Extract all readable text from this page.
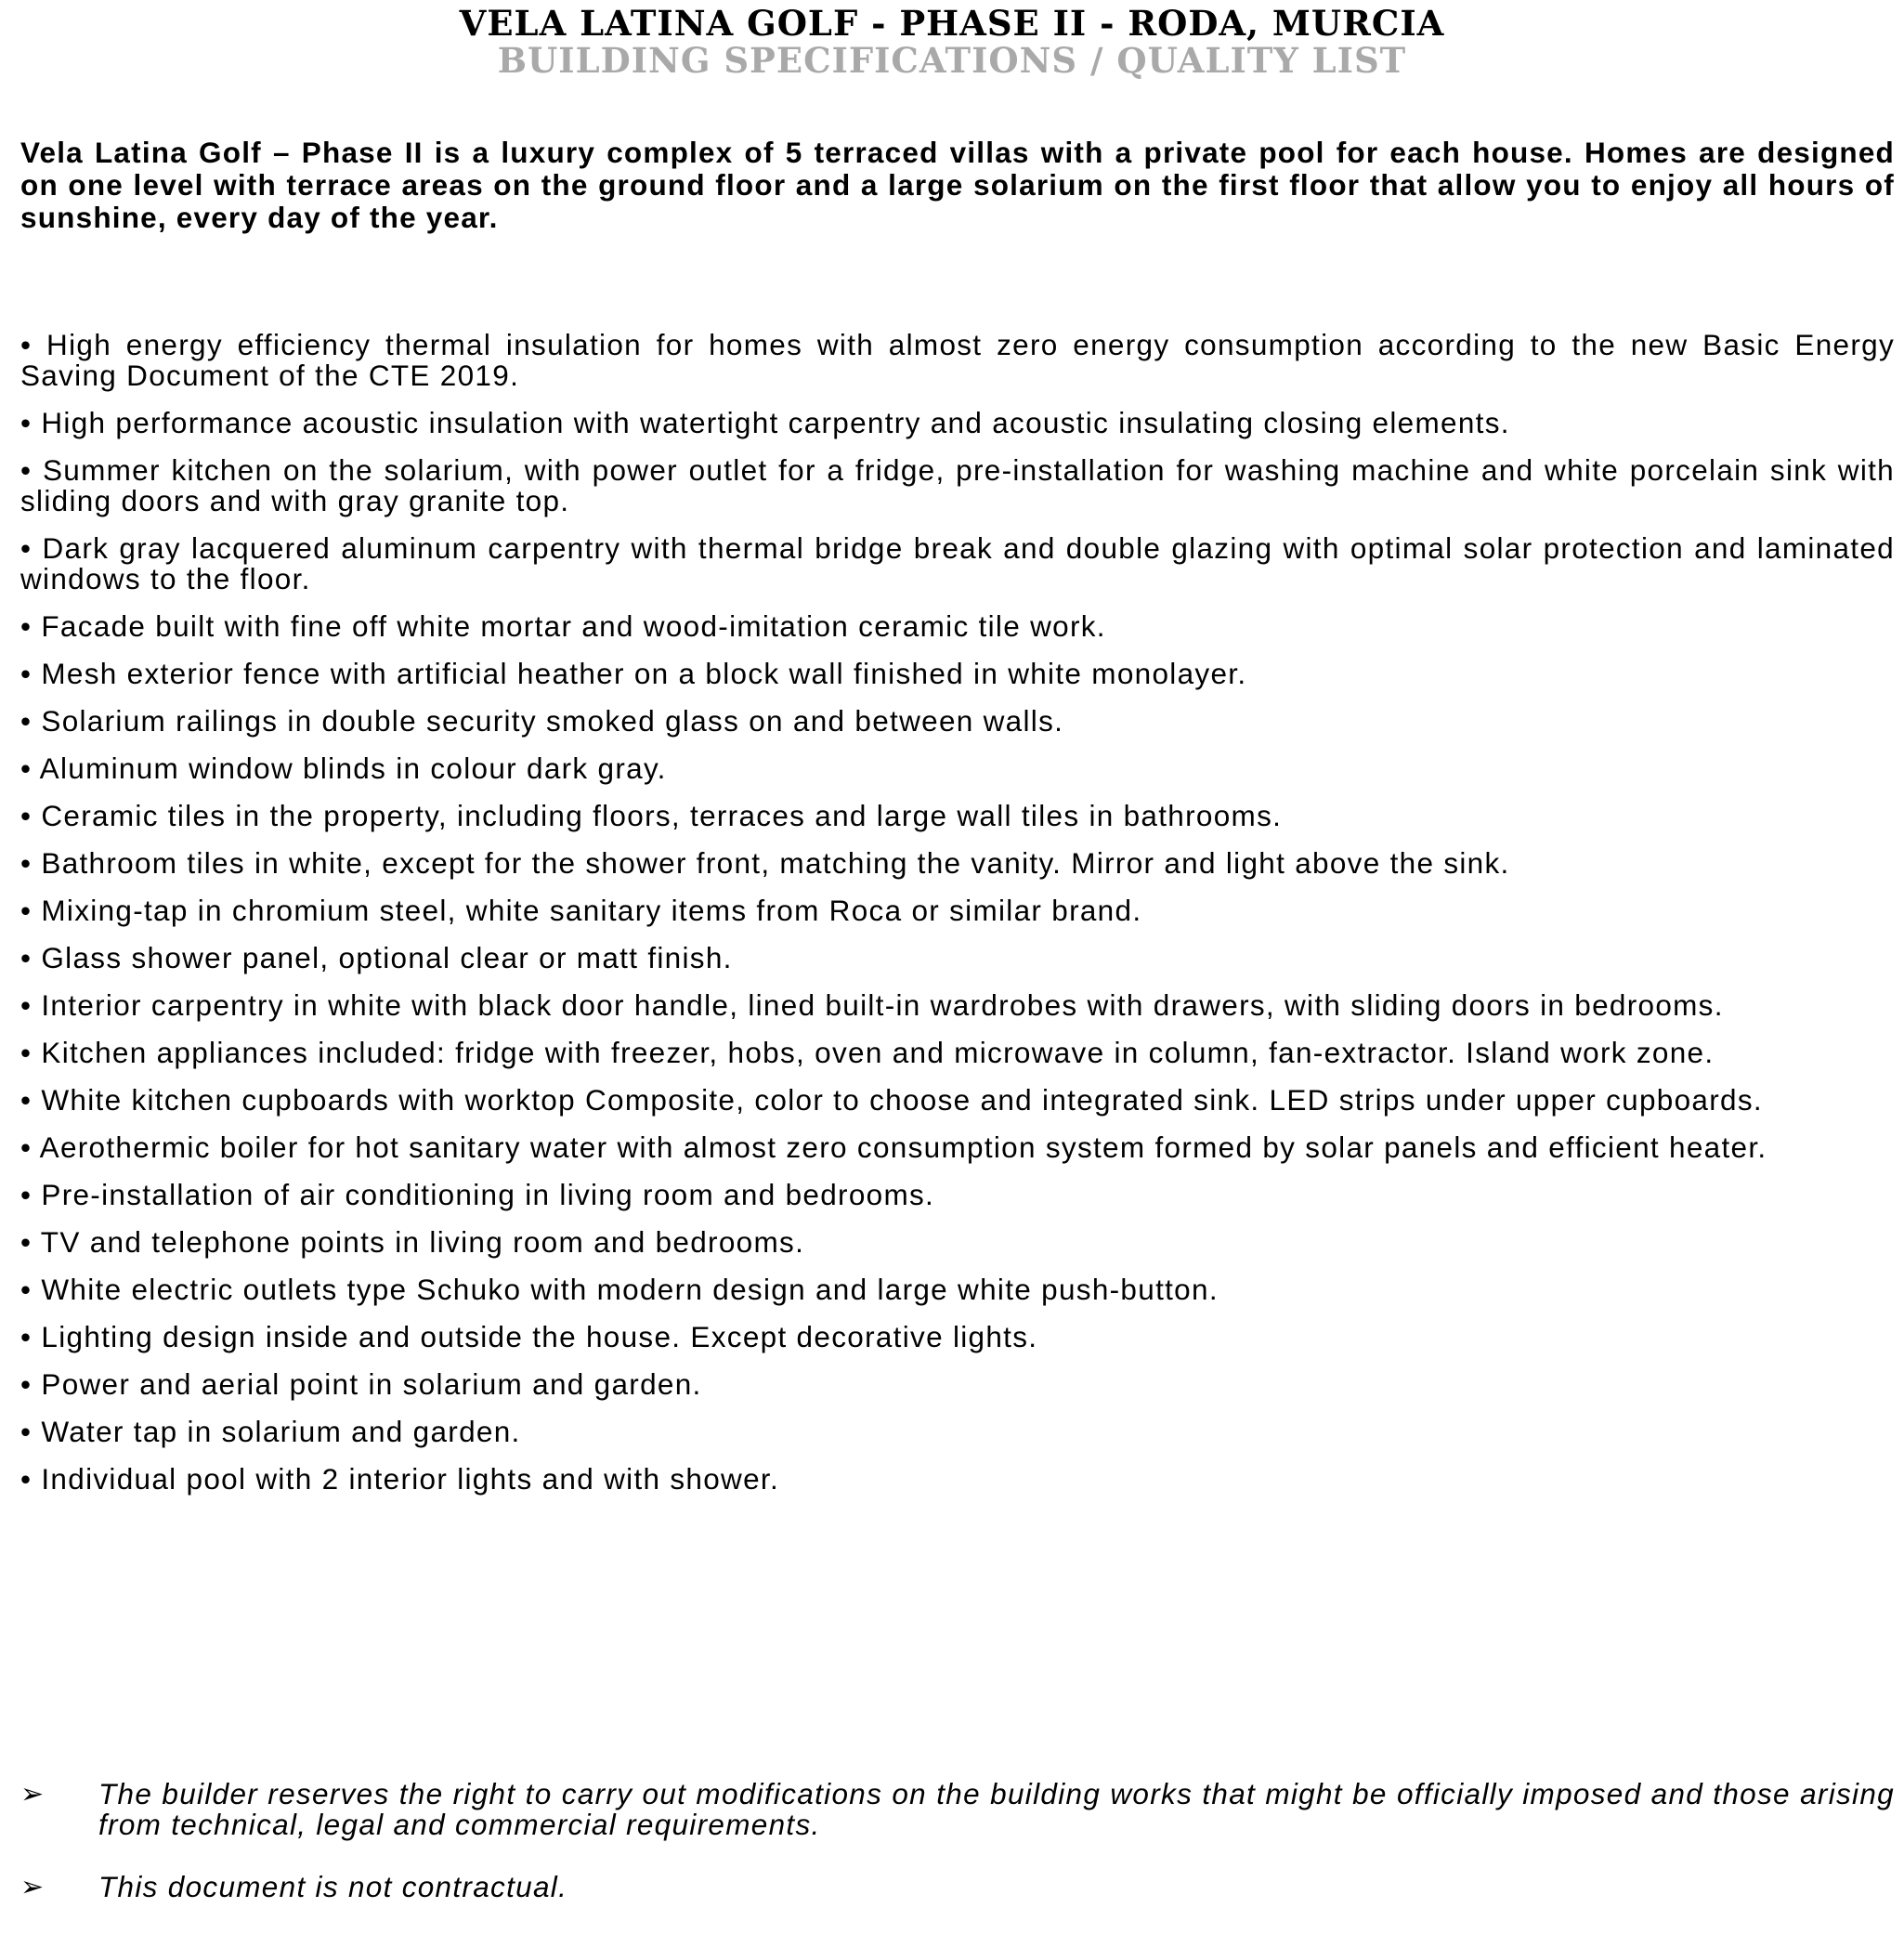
VELA LATINA GOLF - PHASE II - RODA, MURCIA
BUILDING SPECIFICATIONS / QUALITY LIST

Vela Latina Golf – Phase II is a luxury complex of 5 terraced villas with a private pool for each house. Homes are designed on one level with terrace areas on the ground floor and a large solarium on the first floor that allow you to enjoy all hours of sunshine, every day of the year.

• High energy efficiency thermal insulation for homes with almost zero energy consumption according to the new Basic Energy Saving Document of the CTE 2019.
• High performance acoustic insulation with watertight carpentry and acoustic insulating closing elements.
• Summer kitchen on the solarium, with power outlet for a fridge, pre-installation for washing machine and white porcelain sink with sliding doors and with gray granite top.
• Dark gray lacquered aluminum carpentry with thermal bridge break and double glazing with optimal solar protection and laminated windows to the floor.
• Facade built with fine off white mortar and wood-imitation ceramic tile work.
• Mesh exterior fence with artificial heather on a block wall finished in white monolayer.
• Solarium railings in double security smoked glass on and between walls.
• Aluminum window blinds in colour dark gray.
• Ceramic tiles in the property, including floors, terraces and large wall tiles in bathrooms.
• Bathroom tiles in white, except for the shower front, matching the vanity. Mirror and light above the sink.
• Mixing-tap in chromium steel, white sanitary items from Roca or similar brand.
• Glass shower panel, optional clear or matt finish.
• Interior carpentry in white with black door handle, lined built-in wardrobes with drawers, with sliding doors in bedrooms.
• Kitchen appliances included: fridge with freezer, hobs, oven and microwave in column, fan-extractor. Island work zone.
• White kitchen cupboards with worktop Composite, color to choose and integrated sink. LED strips under upper cupboards.
• Aerothermic boiler for hot sanitary water with almost zero consumption system formed by solar panels and efficient heater.
• Pre-installation of air conditioning in living room and bedrooms.
• TV and telephone points in living room and bedrooms.
• White electric outlets type Schuko with modern design and large white push-button.
• Lighting design inside and outside the house. Except decorative lights.
• Power and aerial point in solarium and garden.
• Water tap in solarium and garden.
• Individual pool with 2 interior lights and with shower.
➢ The builder reserves the right to carry out modifications on the building works that might be officially imposed and those arising from technical, legal and commercial requirements.
➢ This document is not contractual.
